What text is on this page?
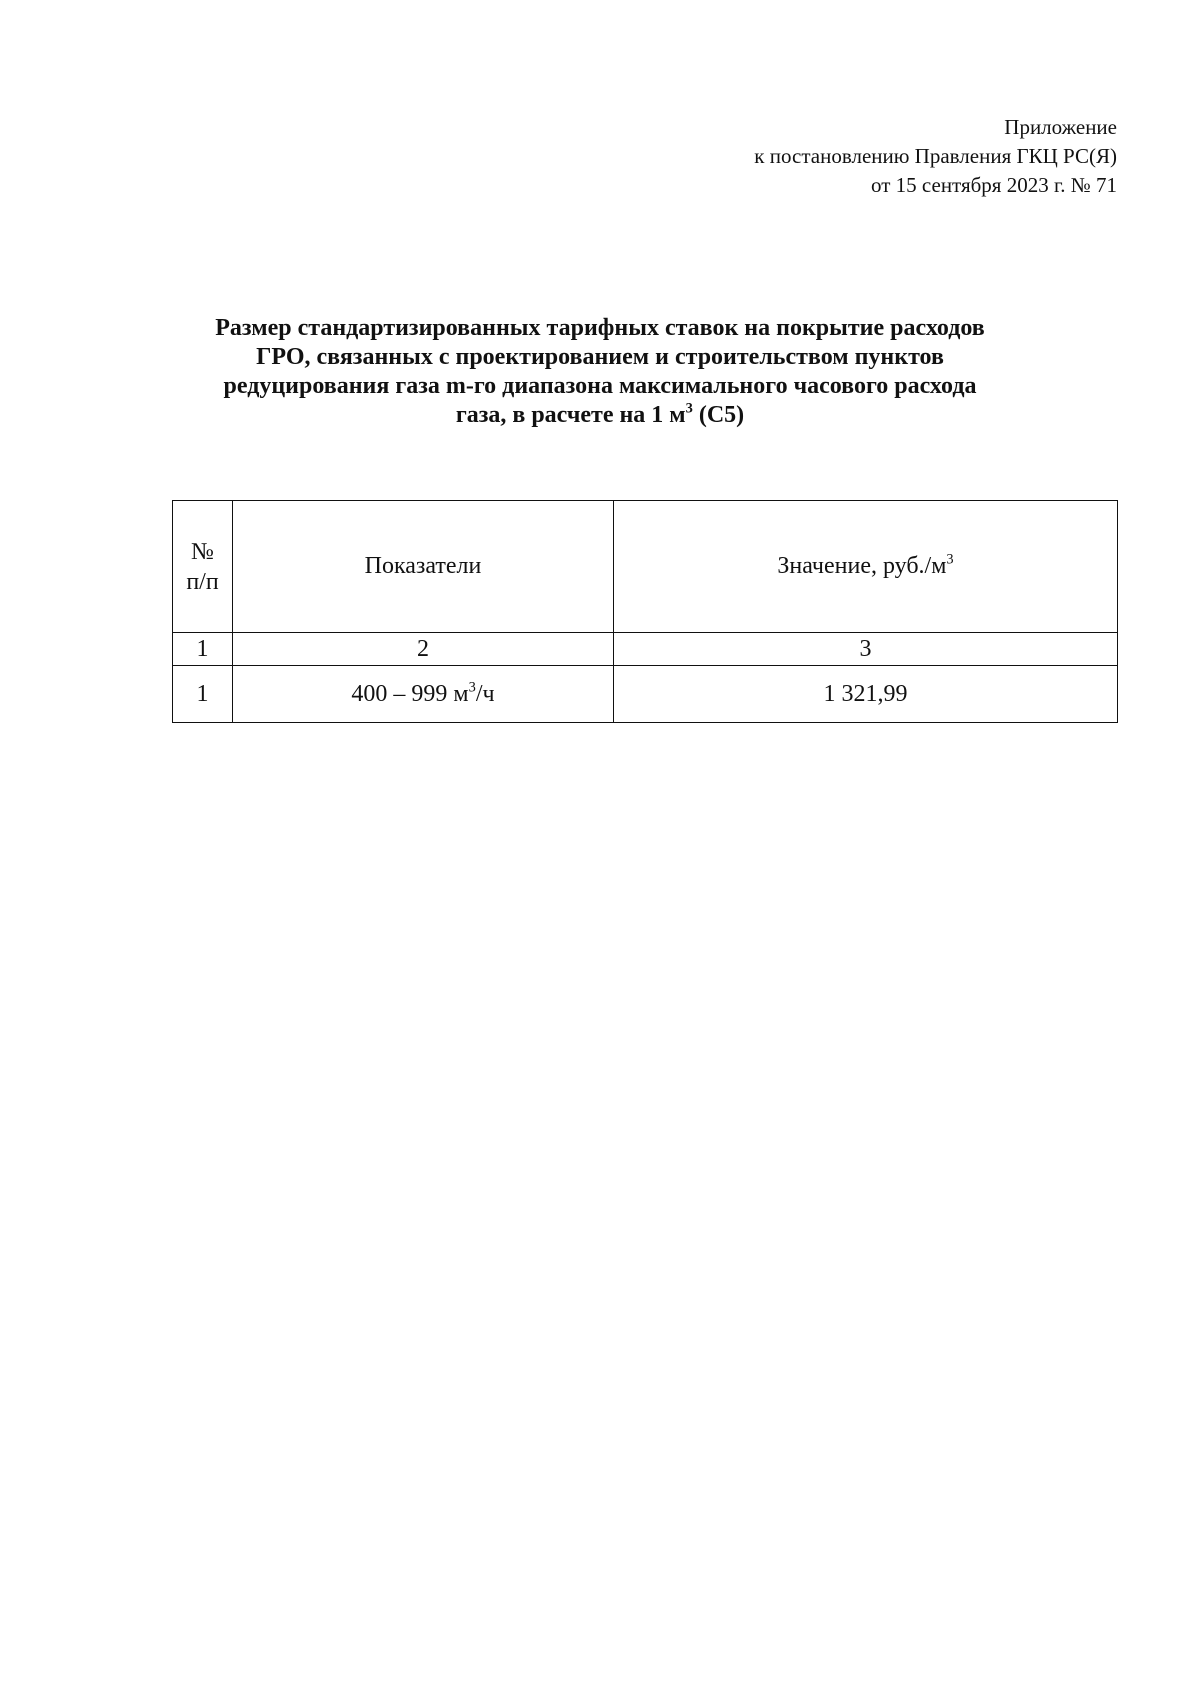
Приложение
к постановлению Правления ГКЦ РС(Я)
от 15 сентября 2023 г. № 71
Размер стандартизированных тарифных ставок на покрытие расходов
ГРО, связанных с проектированием и строительством пунктов
редуцирования газа m-го диапазона максимального часового расхода
газа, в расчете на 1 $м^3$ (С5)
№
п/п	Показатели	Значение, $руб./м^3$
1	2	3
1	400 – 999 $м^3/ч$	1 321,99
